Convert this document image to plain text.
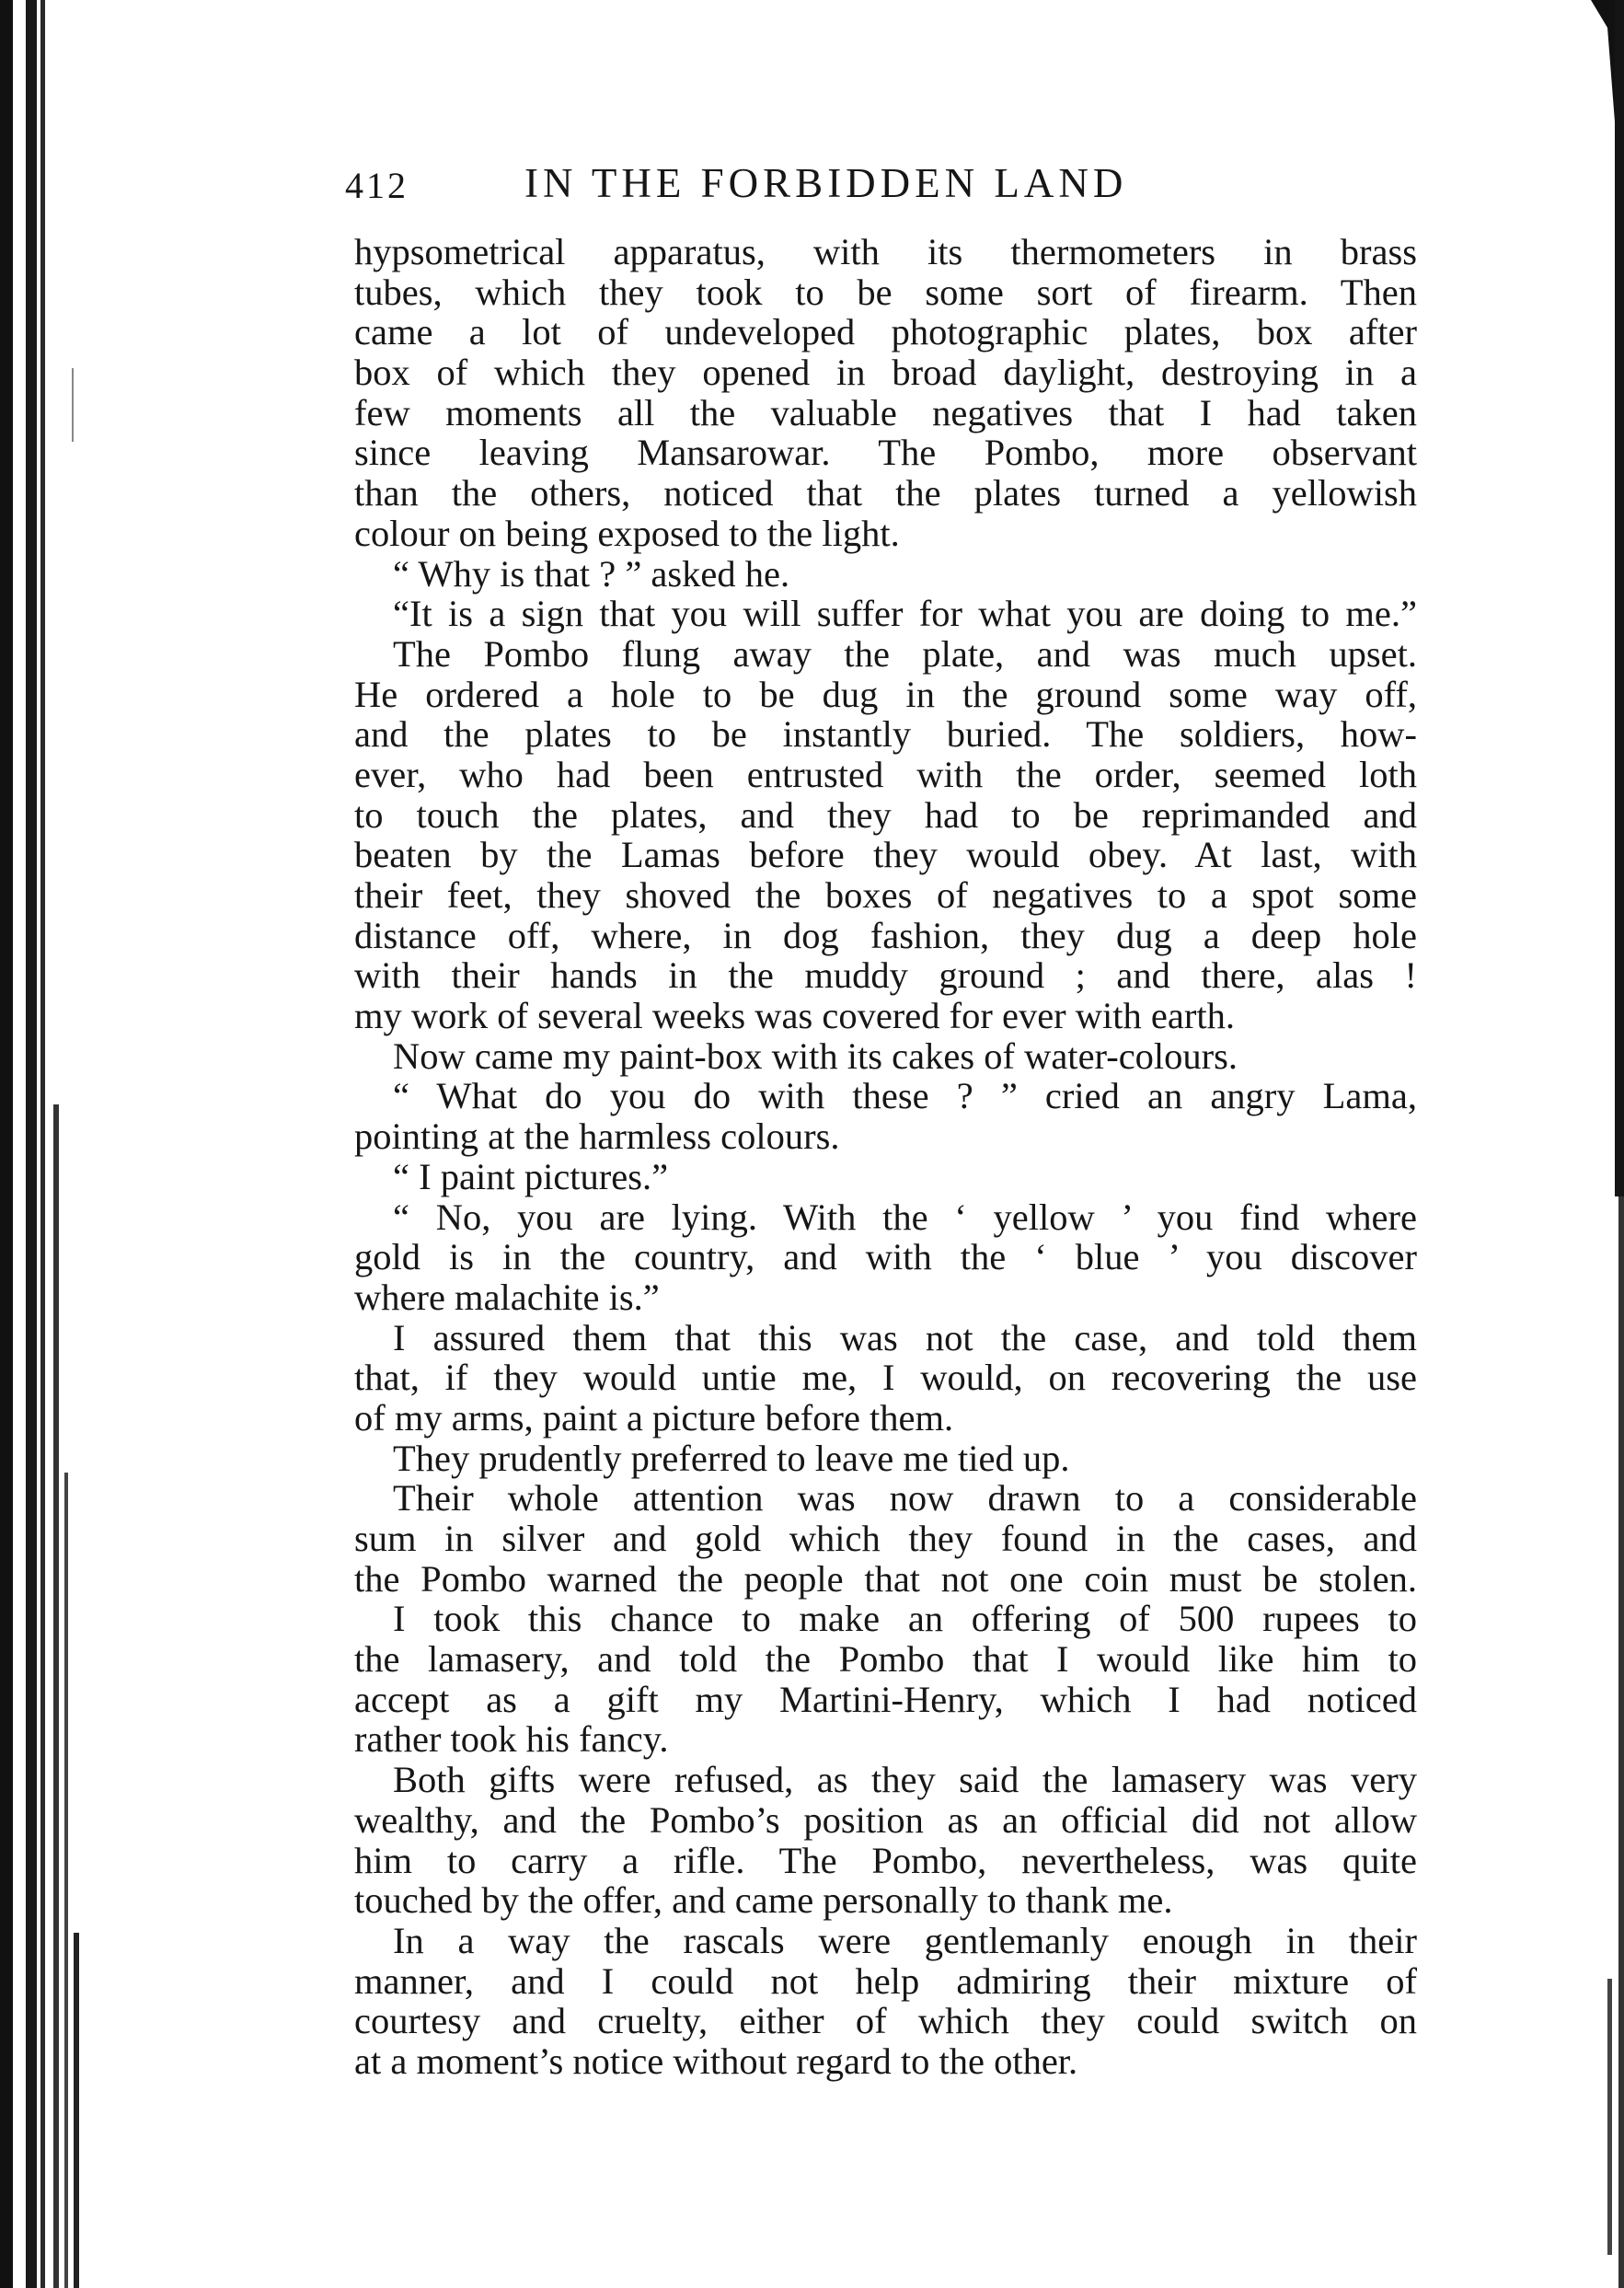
412	IN THE FORBIDDEN LAND
hypsometrical apparatus, with its thermometers in brass
tubes, which they took to be some sort of firearm. Then
came a lot of undeveloped photographic plates, box after
box of which they opened in broad daylight, destroying in a
few moments all the valuable negatives that I had taken
since leaving Mansarowar. The Pombo, more observant
than the others, noticed that the plates turned a yellowish
colour on being exposed to the light.
“ Why is that ? ” asked he.
“It is a sign that you will suffer for what you are doing to me.”
The Pombo flung away the plate, and was much upset.
He ordered a hole to be dug in the ground some way off,
and the plates to be instantly buried. The soldiers, how-
ever, who had been entrusted with the order, seemed loth
to touch the plates, and they had to be reprimanded and
beaten by the Lamas before they would obey. At last, with
their feet, they shoved the boxes of negatives to a spot some
distance off, where, in dog fashion, they dug a deep hole
with their hands in the muddy ground ; and there, alas !
my work of several weeks was covered for ever with earth.
Now came my paint-box with its cakes of water-colours.
“ What do you do with these ? ” cried an angry Lama,
pointing at the harmless colours.
“ I paint pictures.”
“ No, you are lying. With the ‘ yellow ’ you find where
gold is in the country, and with the ‘ blue ’ you discover
where malachite is.”
I assured them that this was not the case, and told them
that, if they would untie me, I would, on recovering the use
of my arms, paint a picture before them.
They prudently preferred to leave me tied up.
Their whole attention was now drawn to a considerable
sum in silver and gold which they found in the cases, and
the Pombo warned the people that not one coin must be stolen.
I took this chance to make an offering of 500 rupees to
the lamasery, and told the Pombo that I would like him to
accept as a gift my Martini-Henry, which I had noticed
rather took his fancy.
Both gifts were refused, as they said the lamasery was very
wealthy, and the Pombo’s position as an official did not allow
him to carry a rifle. The Pombo, nevertheless, was quite
touched by the offer, and came personally to thank me.
In a way the rascals were gentlemanly enough in their
manner, and I could not help admiring their mixture of
courtesy and cruelty, either of which they could switch on
at a moment’s notice without regard to the other.
